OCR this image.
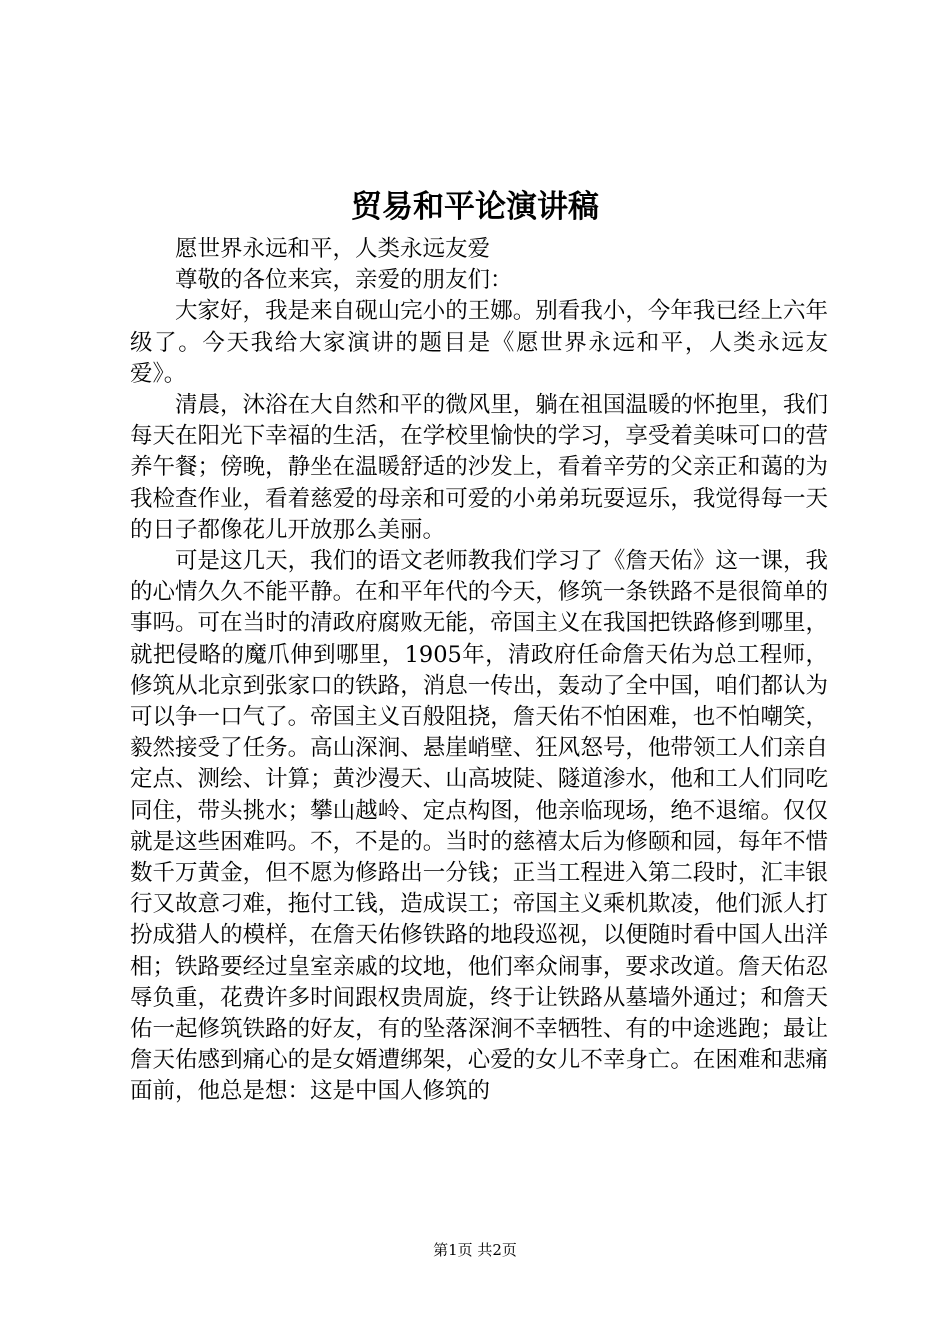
贸易和平论演讲稿

愿世界永远和平，人类永远友爱

尊敬的各位来宾，亲爱的朋友们：

大家好，我是来自砚山完小的王娜。别看我小，今年我已经上六年级了。今天我给大家演讲的题目是《愿世界永远和平，人类永远友爱》。

清晨，沐浴在大自然和平的微风里，躺在祖国温暖的怀抱里，我们每天在阳光下幸福的生活，在学校里愉快的学习，享受着美味可口的营养午餐；傍晚，静坐在温暖舒适的沙发上，看着辛劳的父亲正和蔼的为我检查作业，看着慈爱的母亲和可爱的小弟弟玩耍逗乐，我觉得每一天的日子都像花儿开放那么美丽。

可是这几天，我们的语文老师教我们学习了《詹天佑》这一课，我的心情久久不能平静。在和平年代的今天，修筑一条铁路不是很简单的事吗。可在当时的清政府腐败无能，帝国主义在我国把铁路修到哪里，就把侵略的魔爪伸到哪里，1905年，清政府任命詹天佑为总工程师，修筑从北京到张家口的铁路，消息一传出，轰动了全中国，咱们都认为可以争一口气了。帝国主义百般阻挠，詹天佑不怕困难，也不怕嘲笑，毅然接受了任务。高山深涧、悬崖峭壁、狂风怒号，他带领工人们亲自定点、测绘、计算；黄沙漫天、山高坡陡、隧道渗水，他和工人们同吃同住，带头挑水；攀山越岭、定点构图，他亲临现场，绝不退缩。仅仅就是这些困难吗。不，不是的。当时的慈禧太后为修颐和园，每年不惜数千万黄金，但不愿为修路出一分钱；正当工程进入第二段时，汇丰银行又故意刁难，拖付工钱，造成误工；帝国主义乘机欺凌，他们派人打扮成猎人的模样，在詹天佑修铁路的地段巡视，以便随时看中国人出洋相；铁路要经过皇室亲戚的坟地，他们率众闹事，要求改道。詹天佑忍辱负重，花费许多时间跟权贵周旋，终于让铁路从墓墙外通过；和詹天佑一起修筑铁路的好友，有的坠落深涧不幸牺牲、有的中途逃跑；最让詹天佑感到痛心的是女婿遭绑架，心爱的女儿不幸身亡。在困难和悲痛面前，他总是想：这是中国人修筑的

第1页 共2页
